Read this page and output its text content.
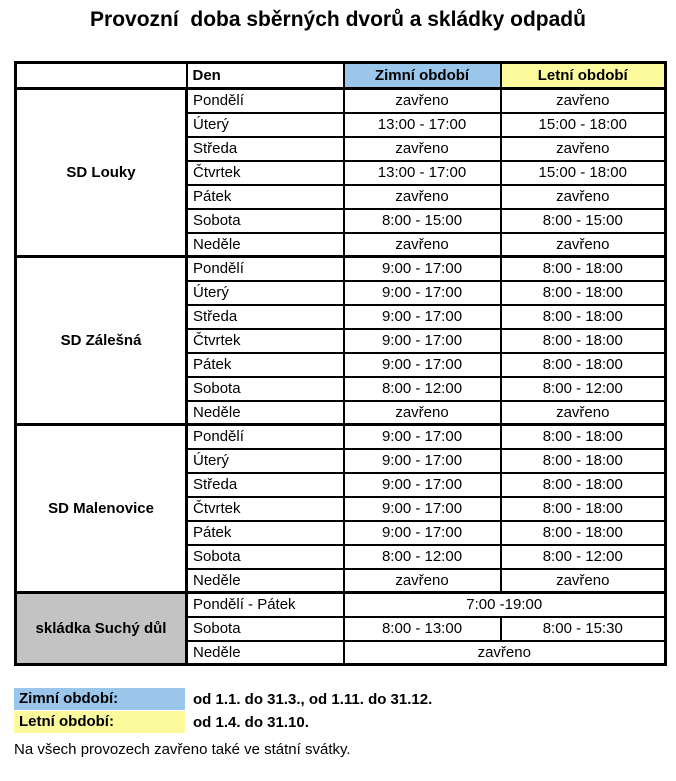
Provozní  doba sběrných dvorů a skládky odpadů
	Den	Zimní období	Letní období
SD Louky	Pondělí	zavřeno	zavřeno
	Úterý	13:00 - 17:00	15:00 - 18:00
	Středa	zavřeno	zavřeno
	Čtvrtek	13:00 - 17:00	15:00 - 18:00
	Pátek	zavřeno	zavřeno
	Sobota	8:00 - 15:00	8:00 - 15:00
	Neděle	zavřeno	zavřeno
SD Zálešná	Pondělí	9:00 - 17:00	8:00 - 18:00
	Úterý	9:00 - 17:00	8:00 - 18:00
	Středa	9:00 - 17:00	8:00 - 18:00
	Čtvrtek	9:00 - 17:00	8:00 - 18:00
	Pátek	9:00 - 17:00	8:00 - 18:00
	Sobota	8:00 - 12:00	8:00 - 12:00
	Neděle	zavřeno	zavřeno
SD Malenovice	Pondělí	9:00 - 17:00	8:00 - 18:00
	Úterý	9:00 - 17:00	8:00 - 18:00
	Středa	9:00 - 17:00	8:00 - 18:00
	Čtvrtek	9:00 - 17:00	8:00 - 18:00
	Pátek	9:00 - 17:00	8:00 - 18:00
	Sobota	8:00 - 12:00	8:00 - 12:00
	Neděle	zavřeno	zavřeno
skládka Suchý důl	Pondělí - Pátek	7:00 -19:00	
	Sobota	8:00 - 13:00	8:00 - 15:30
	Neděle	zavřeno	
Zimní období:	od 1.1. do 31.3., od 1.11. do 31.12.
Letní období:	od 1.4. do 31.10.

Na všech provozech zavřeno také ve státní svátky.
